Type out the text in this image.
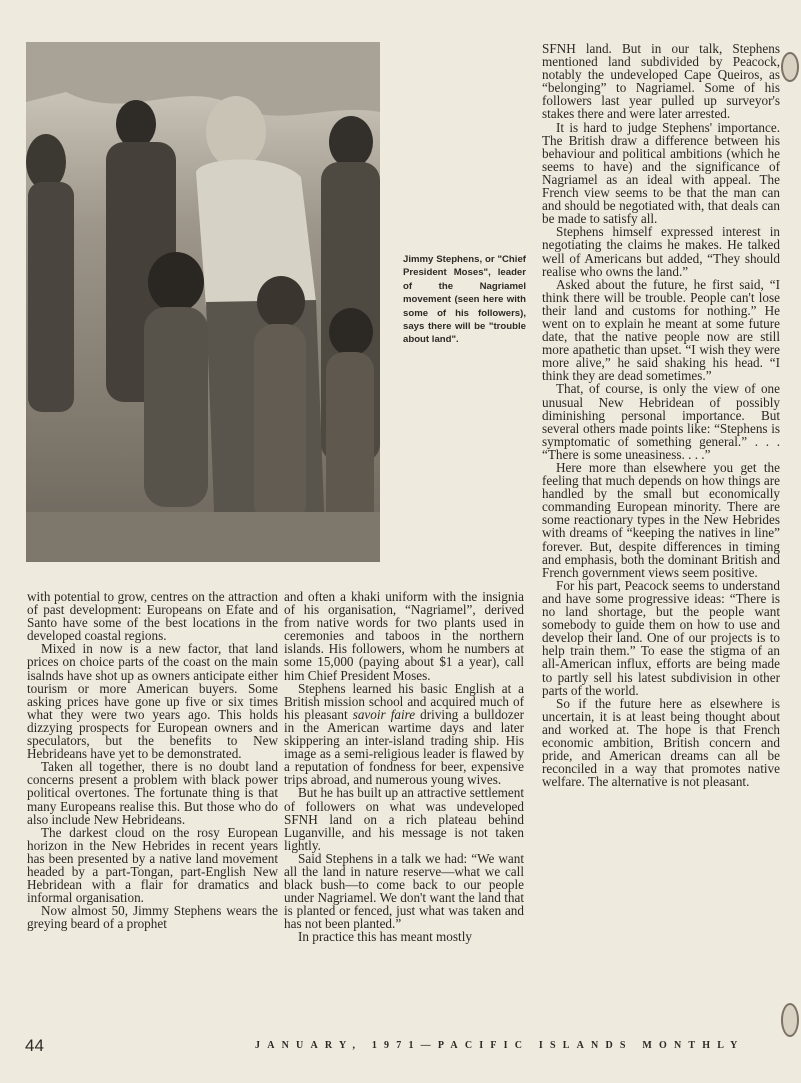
Jimmy Stephens, or "Chief President Moses", leader of the Nagriamel movement (seen here with some of his followers), says there will be "trouble about land".

with potential to grow, centres on the attraction of past development: Europeans on Efate and Santo have some of the best locations in the developed coastal regions.

Mixed in now is a new factor, that land prices on choice parts of the coast on the main isalnds have shot up as owners anticipate either tourism or more American buyers. Some asking prices have gone up five or six times what they were two years ago. This holds dizzying prospects for European owners and speculators, but the benefits to New Hebrideans have yet to be demonstrated.

Taken all together, there is no doubt land concerns present a problem with black power political overtones. The fortunate thing is that many Europeans realise this. But those who do also include New Hebrideans.

The darkest cloud on the rosy European horizon in the New Hebrides in recent years has been presented by a native land movement headed by a part-Tongan, part-English New Hebridean with a flair for dramatics and informal organisation.

Now almost 50, Jimmy Stephens wears the greying beard of a prophet

and often a khaki uniform with the insignia of his organisation, “Nagriamel”, derived from native words for two plants used in ceremonies and taboos in the northern islands. His followers, whom he numbers at some 15,000 (paying about $1 a year), call him Chief President Moses.

Stephens learned his basic English at a British mission school and acquired much of his pleasant savoir faire driving a bulldozer in the American wartime days and later skippering an inter-island trading ship. His image as a semi-religious leader is flawed by a reputation of fondness for beer, expensive trips abroad, and numerous young wives.

But he has built up an attractive settlement of followers on what was undeveloped SFNH land on a rich plateau behind Luganville, and his message is not taken lightly.

Said Stephens in a talk we had: “We want all the land in nature reserve—what we call black bush—to come back to our people under Nagriamel. We don't want the land that is planted or fenced, just what was taken and has not been planted.”

In practice this has meant mostly

SFNH land. But in our talk, Stephens mentioned land subdivided by Peacock, notably the undeveloped Cape Queiros, as “belonging” to Nagriamel. Some of his followers last year pulled up surveyor's stakes there and were later arrested.

It is hard to judge Stephens' importance. The British draw a difference between his behaviour and political ambitions (which he seems to have) and the significance of Nagriamel as an ideal with appeal. The French view seems to be that the man can and should be negotiated with, that deals can be made to satisfy all.

Stephens himself expressed interest in negotiating the claims he makes. He talked well of Americans but added, “They should realise who owns the land.”

Asked about the future, he first said, “I think there will be trouble. People can't lose their land and customs for nothing.” He went on to explain he meant at some future date, that the native people now are still more apathetic than upset. “I wish they were more alive,” he said shaking his head. “I think they are dead sometimes.”

That, of course, is only the view of one unusual New Hebridean of possibly diminishing personal importance. But several others made points like: “Stephens is symptomatic of something general.” . . . “There is some uneasiness. . . .”

Here more than elsewhere you get the feeling that much depends on how things are handled by the small but economically commanding European minority. There are some reactionary types in the New Hebrides with dreams of “keeping the natives in line” forever. But, despite differences in timing and emphasis, both the dominant British and French government views seem positive.

For his part, Peacock seems to understand and have some progressive ideas: “There is no land shortage, but the people want somebody to guide them on how to use and develop their land. One of our projects is to help train them.” To ease the stigma of an all-American influx, efforts are being made to partly sell his latest subdivision in other parts of the world.

So if the future here as elsewhere is uncertain, it is at least being thought about and worked at. The hope is that French economic ambition, British concern and pride, and American dreams can all be reconciled in a way that promotes native welfare. The alternative is not pleasant.

44	JANUARY, 1971—PACIFIC ISLANDS MONTHLY
